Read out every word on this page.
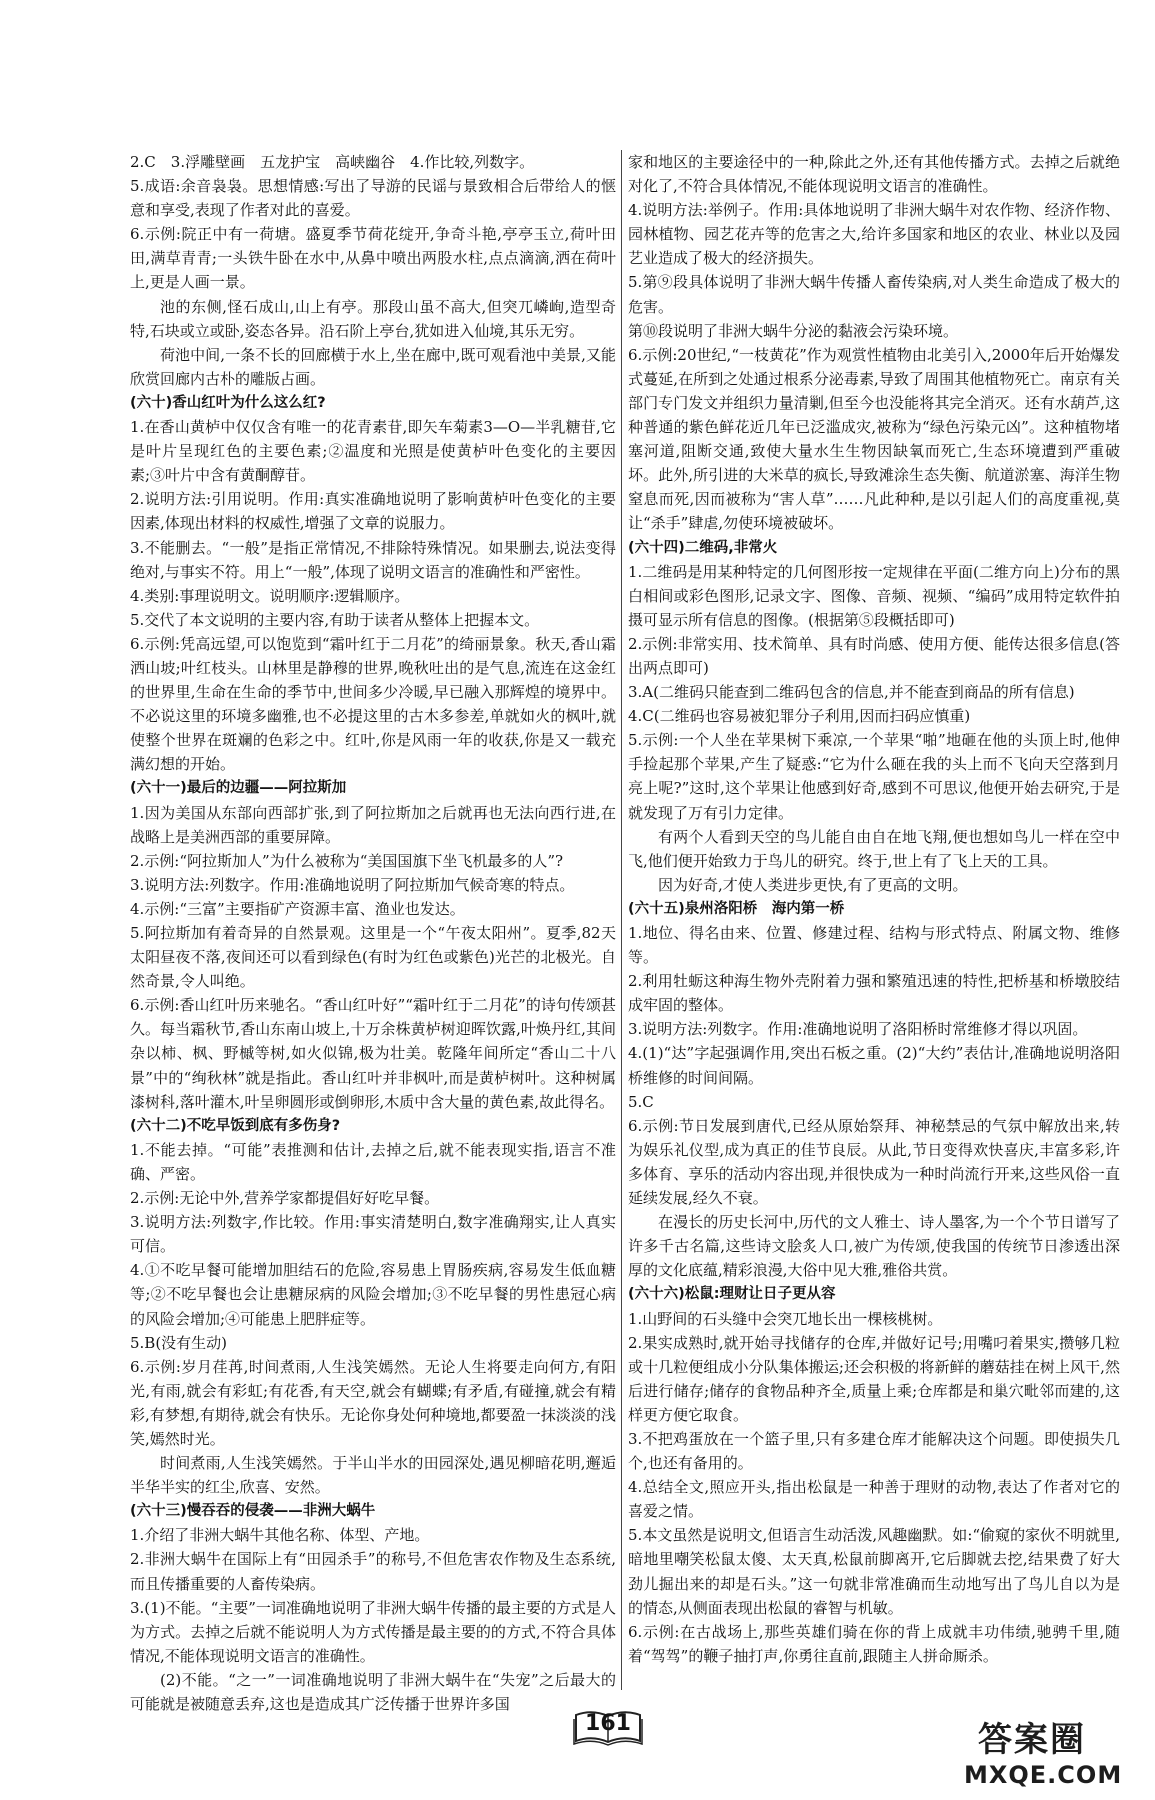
2.C　3.浮雕壁画　五龙护宝　高峡幽谷　4.作比较,列数字。

5.成语:余音袅袅。思想情感:写出了导游的民谣与景致相合后带给人的惬意和享受,表现了作者对此的喜爱。

6.示例:院正中有一荷塘。盛夏季节荷花绽开,争奇斗艳,亭亭玉立,荷叶田田,满草青青;一头铁牛卧在水中,从鼻中喷出两股水柱,点点滴滴,洒在荷叶上,更是人画一景。

池的东侧,怪石成山,山上有亭。那段山虽不高大,但突兀嶙峋,造型奇特,石块或立或卧,姿态各异。沿石阶上亭台,犹如进入仙境,其乐无穷。

荷池中间,一条不长的回廊横于水上,坐在廊中,既可观看池中美景,又能欣赏回廊内古朴的雕版占画。

(六十)香山红叶为什么这么红?

1.在香山黄栌中仅仅含有唯一的花青素苷,即矢车菊素3—O—半乳糖苷,它是叶片呈现红色的主要色素;②温度和光照是使黄栌叶色变化的主要因素;③叶片中含有黄酮醇苷。

2.说明方法:引用说明。作用:真实准确地说明了影响黄栌叶色变化的主要因素,体现出材料的权威性,增强了文章的说服力。

3.不能删去。“一般”是指正常情况,不排除特殊情况。如果删去,说法变得绝对,与事实不符。用上“一般”,体现了说明文语言的准确性和严密性。

4.类别:事理说明文。说明顺序:逻辑顺序。

5.交代了本文说明的主要内容,有助于读者从整体上把握本文。

6.示例:凭高远望,可以饱览到“霜叶红于二月花”的绮丽景象。秋天,香山霜洒山坡;叶红枝头。山林里是静穆的世界,晚秋吐出的是气息,流连在这金红的世界里,生命在生命的季节中,世间多少冷暖,早已融入那辉煌的境界中。不必说这里的环境多幽雅,也不必提这里的古木多参差,单就如火的枫叶,就使整个世界在斑斓的色彩之中。红叶,你是风雨一年的收获,你是又一载充满幻想的开始。

(六十一)最后的边疆——阿拉斯加

1.因为美国从东部向西部扩张,到了阿拉斯加之后就再也无法向西行进,在战略上是美洲西部的重要屏障。

2.示例:“阿拉斯加人”为什么被称为“美国国旗下坐飞机最多的人”?

3.说明方法:列数字。作用:准确地说明了阿拉斯加气候奇寒的特点。

4.示例:“三富”主要指矿产资源丰富、渔业也发达。

5.阿拉斯加有着奇异的自然景观。这里是一个“午夜太阳州”。夏季,82天太阳昼夜不落,夜间还可以看到绿色(有时为红色或紫色)光芒的北极光。自然奇景,令人叫绝。

6.示例:香山红叶历来驰名。“香山红叶好”“霜叶红于二月花”的诗句传颂甚久。每当霜秋节,香山东南山坡上,十万余株黄栌树迎晖饮露,叶焕丹红,其间杂以柿、枫、野槭等树,如火似锦,极为壮美。乾隆年间所定“香山二十八景”中的“绚秋林”就是指此。香山红叶并非枫叶,而是黄栌树叶。这种树属漆树科,落叶灌木,叶呈卵圆形或倒卵形,木质中含大量的黄色素,故此得名。

(六十二)不吃早饭到底有多伤身?

1.不能去掉。“可能”表推测和估计,去掉之后,就不能表现实指,语言不准确、严密。

2.示例:无论中外,营养学家都提倡好好吃早餐。

3.说明方法:列数字,作比较。作用:事实清楚明白,数字准确翔实,让人真实可信。

4.①不吃早餐可能增加胆结石的危险,容易患上胃肠疾病,容易发生低血糖等;②不吃早餐也会让患糖尿病的风险会增加;③不吃早餐的男性患冠心病的风险会增加;④可能患上肥胖症等。

5.B(没有生动)

6.示例:岁月荏苒,时间煮雨,人生浅笑嫣然。无论人生将要走向何方,有阳光,有雨,就会有彩虹;有花香,有天空,就会有蝴蝶;有矛盾,有碰撞,就会有精彩,有梦想,有期待,就会有快乐。无论你身处何种境地,都要盈一抹淡淡的浅笑,嫣然时光。

时间煮雨,人生浅笑嫣然。于半山半水的田园深处,遇见柳暗花明,邂逅半华半实的红尘,欣喜、安然。

(六十三)慢吞吞的侵袭——非洲大蜗牛

1.介绍了非洲大蜗牛其他名称、体型、产地。

2.非洲大蜗牛在国际上有“田园杀手”的称号,不但危害农作物及生态系统,而且传播重要的人畜传染病。

3.(1)不能。“主要”一词准确地说明了非洲大蜗牛传播的最主要的方式是人为方式。去掉之后就不能说明人为方式传播是最主要的的方式,不符合具体情况,不能体现说明文语言的准确性。

(2)不能。“之一”一词准确地说明了非洲大蜗牛在“失宠”之后最大的可能就是被随意丢弃,这也是造成其广泛传播于世界许多国

家和地区的主要途径中的一种,除此之外,还有其他传播方式。去掉之后就绝对化了,不符合具体情况,不能体现说明文语言的准确性。

4.说明方法:举例子。作用:具体地说明了非洲大蜗牛对农作物、经济作物、园林植物、园艺花卉等的危害之大,给许多国家和地区的农业、林业以及园艺业造成了极大的经济损失。

5.第⑨段具体说明了非洲大蜗牛传播人畜传染病,对人类生命造成了极大的危害。

第⑩段说明了非洲大蜗牛分泌的黏液会污染环境。

6.示例:20世纪,“一枝黄花”作为观赏性植物由北美引入,2000年后开始爆发式蔓延,在所到之处通过根系分泌毒素,导致了周围其他植物死亡。南京有关部门专门发文并组织力量清剿,但至今也没能将其完全消灭。还有水葫芦,这种普通的紫色鲜花近几年已泛滥成灾,被称为“绿色污染元凶”。这种植物堵塞河道,阻断交通,致使大量水生生物因缺氧而死亡,生态环境遭到严重破坏。此外,所引进的大米草的疯长,导致滩涂生态失衡、航道淤塞、海洋生物窒息而死,因而被称为“害人草”……凡此种种,是以引起人们的高度重视,莫让“杀手”肆虐,勿使环境被破坏。

(六十四)二维码,非常火

1.二维码是用某种特定的几何图形按一定规律在平面(二维方向上)分布的黑白相间或彩色图形,记录文字、图像、音频、视频、“编码”成用特定软件拍摄可显示所有信息的图像。(根据第⑤段概括即可)

2.示例:非常实用、技术简单、具有时尚感、使用方便、能传达很多信息(答出两点即可)

3.A(二维码只能查到二维码包含的信息,并不能查到商品的所有信息)

4.C(二维码也容易被犯罪分子利用,因而扫码应慎重)

5.示例:一个人坐在苹果树下乘凉,一个苹果“啪”地砸在他的头顶上时,他伸手捡起那个苹果,产生了疑惑:“它为什么砸在我的头上而不飞向天空落到月亮上呢?”这时,这个苹果让他感到好奇,感到不可思议,他便开始去研究,于是就发现了万有引力定律。

有两个人看到天空的鸟儿能自由自在地飞翔,便也想如鸟儿一样在空中飞,他们便开始致力于鸟儿的研究。终于,世上有了飞上天的工具。

因为好奇,才使人类进步更快,有了更高的文明。

(六十五)泉州洛阳桥　海内第一桥

1.地位、得名由来、位置、修建过程、结构与形式特点、附属文物、维修等。

2.利用牡蛎这种海生物外壳附着力强和繁殖迅速的特性,把桥基和桥墩胶结成牢固的整体。

3.说明方法:列数字。作用:准确地说明了洛阳桥时常维修才得以巩固。

4.(1)“达”字起强调作用,突出石板之重。(2)“大约”表估计,准确地说明洛阳桥维修的时间间隔。

5.C

6.示例:节日发展到唐代,已经从原始祭拜、神秘禁忌的气氛中解放出来,转为娱乐礼仪型,成为真正的佳节良辰。从此,节日变得欢快喜庆,丰富多彩,许多体育、享乐的活动内容出现,并很快成为一种时尚流行开来,这些风俗一直延续发展,经久不衰。

在漫长的历史长河中,历代的文人雅士、诗人墨客,为一个个节日谱写了许多千古名篇,这些诗文脍炙人口,被广为传颂,使我国的传统节日渗透出深厚的文化底蕴,精彩浪漫,大俗中见大雅,雅俗共赏。

(六十六)松鼠:理财让日子更从容

1.山野间的石头缝中会突兀地长出一棵核桃树。

2.果实成熟时,就开始寻找储存的仓库,并做好记号;用嘴叼着果实,攒够几粒或十几粒便组成小分队集体搬运;还会积极的将新鲜的蘑菇挂在树上风干,然后进行储存;储存的食物品种齐全,质量上乘;仓库都是和巢穴毗邻而建的,这样更方便它取食。

3.不把鸡蛋放在一个篮子里,只有多建仓库才能解决这个问题。即使损失几个,也还有备用的。

4.总结全文,照应开头,指出松鼠是一种善于理财的动物,表达了作者对它的喜爱之情。

5.本文虽然是说明文,但语言生动活泼,风趣幽默。如:“偷窥的家伙不明就里,暗地里嘲笑松鼠太傻、太天真,松鼠前脚离开,它后脚就去挖,结果费了好大劲儿掘出来的却是石头。”这一句就非常准确而生动地写出了鸟儿自以为是的情态,从侧面表现出松鼠的睿智与机敏。

6.示例:在古战场上,那些英雄们骑在你的背上成就丰功伟绩,驰骋千里,随着“驾驾”的鞭子抽打声,你勇往直前,跟随主人拼命厮杀。

161	答案圈
MXQE.COM
